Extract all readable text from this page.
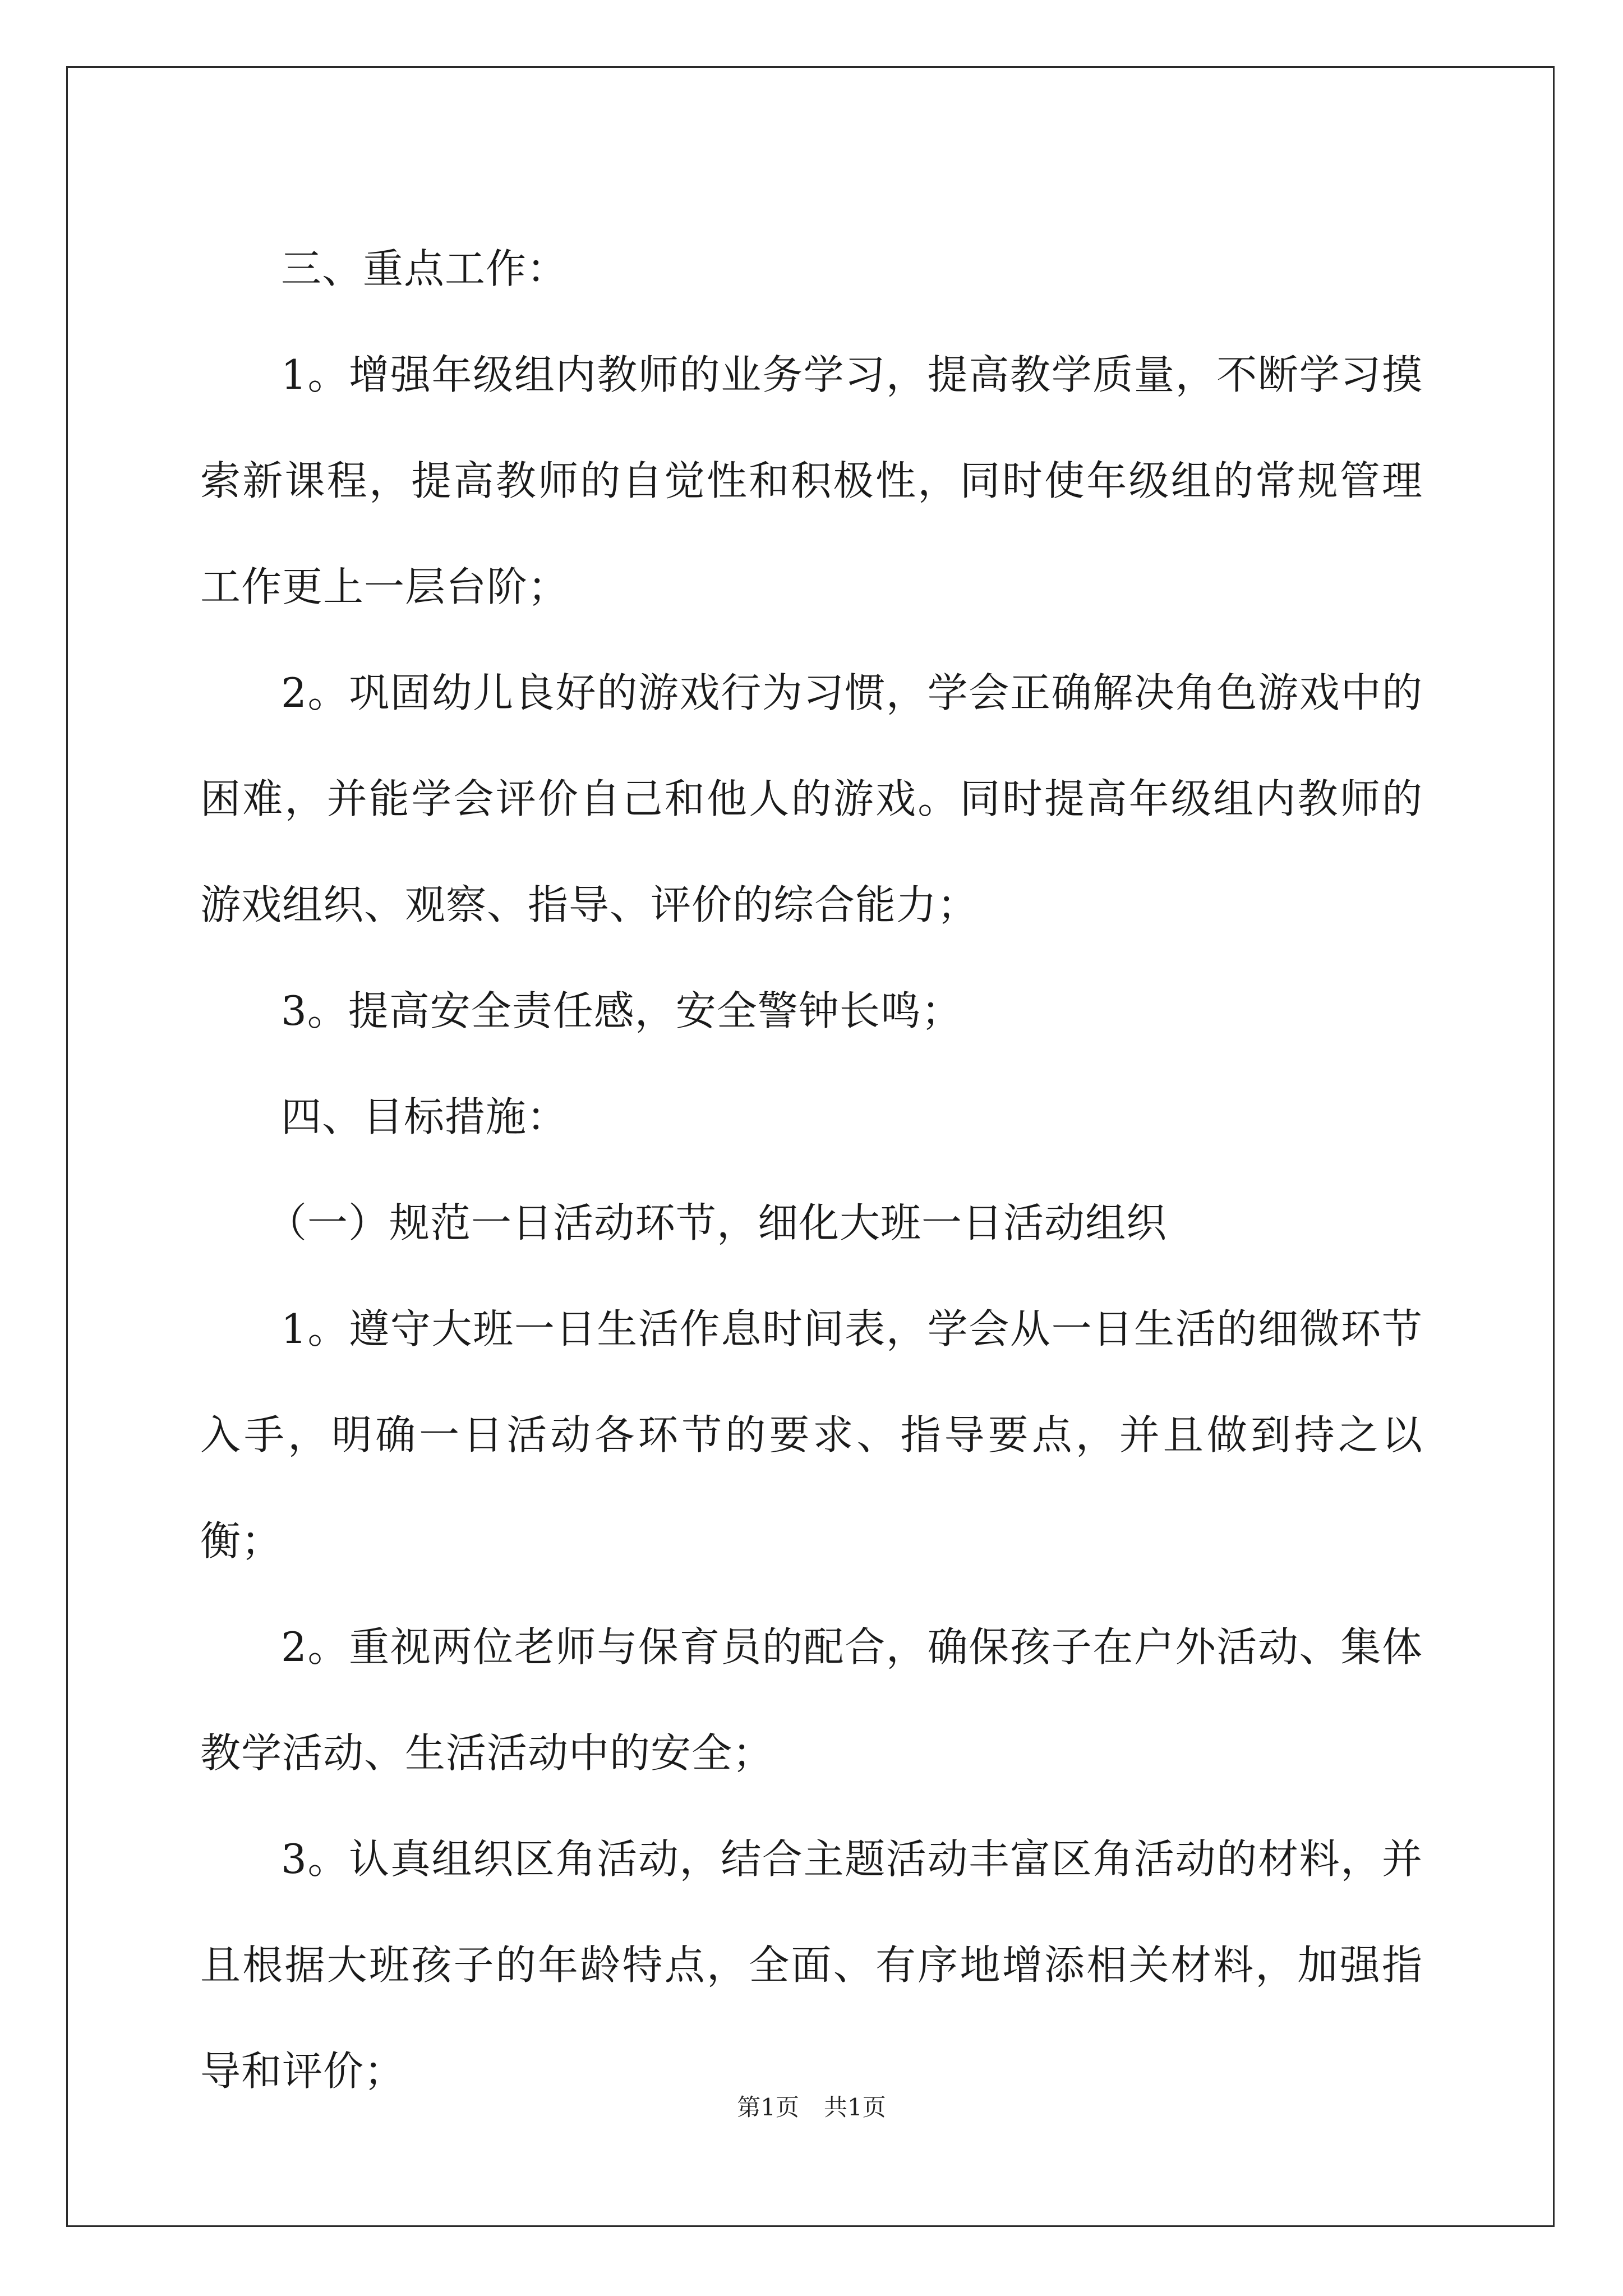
三、重点工作：

1。增强年级组内教师的业务学习，提高教学质量，不断学习摸索新课程，提高教师的自觉性和积极性，同时使年级组的常规管理工作更上一层台阶；

2。巩固幼儿良好的游戏行为习惯，学会正确解决角色游戏中的困难，并能学会评价自己和他人的游戏。同时提高年级组内教师的游戏组织、观察、指导、评价的综合能力；

3。提高安全责任感，安全警钟长鸣；

四、目标措施：

（一）规范一日活动环节，细化大班一日活动组织

1。遵守大班一日生活作息时间表，学会从一日生活的细微环节入手，明确一日活动各环节的要求、指导要点，并且做到持之以衡；

2。重视两位老师与保育员的配合，确保孩子在户外活动、集体教学活动、生活活动中的安全；

3。认真组织区角活动，结合主题活动丰富区角活动的材料，并且根据大班孩子的年龄特点，全面、有序地增添相关材料，加强指导和评价；

第1页 共1页
